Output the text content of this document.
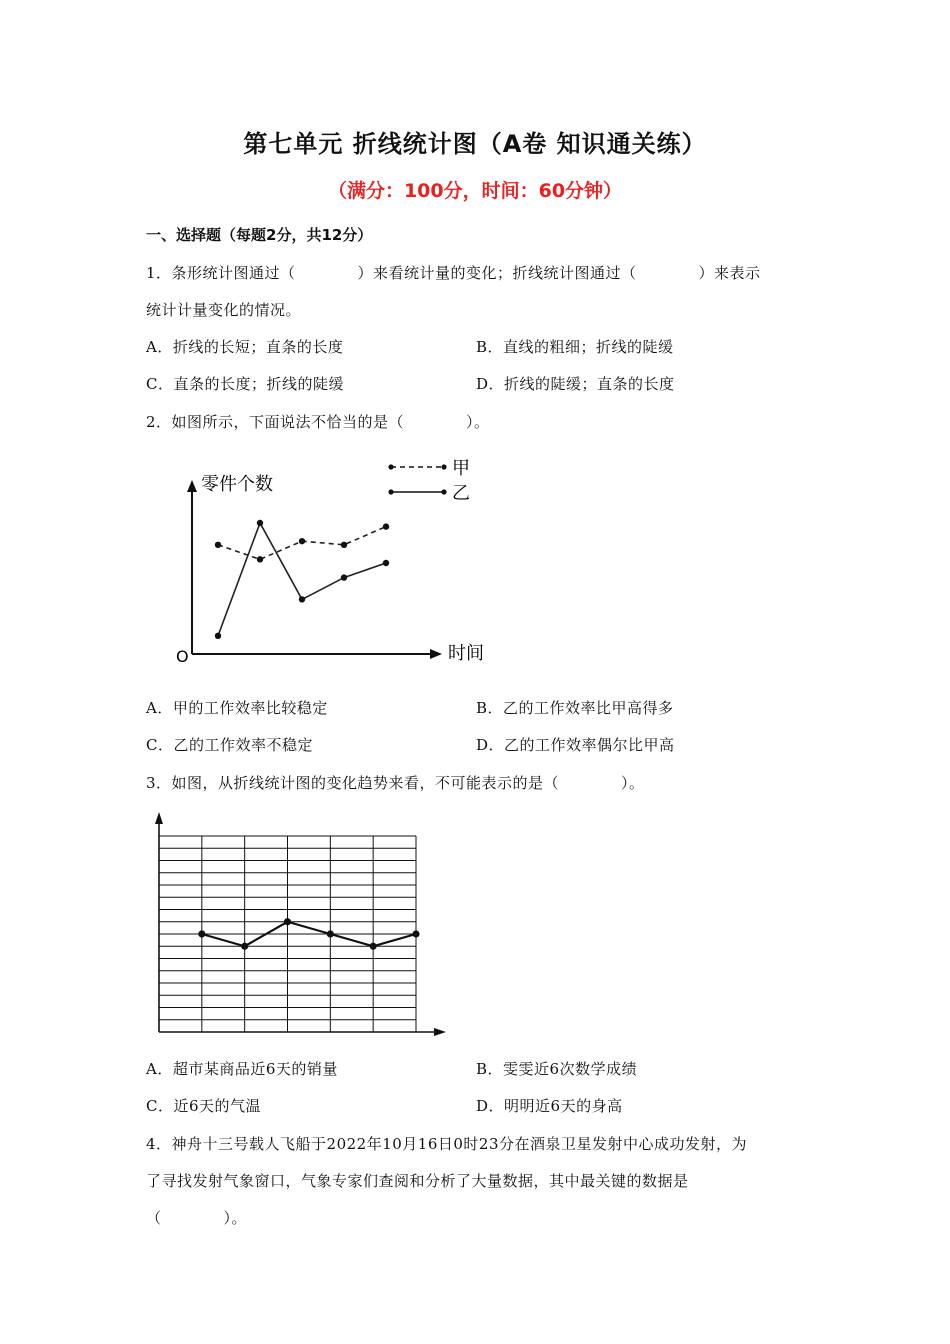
第七单元 折线统计图（A卷 知识通关练）
（满分：100分，时间：60分钟）
一、选择题（每题2分，共12分）
1．条形统计图通过（　　　　）来看统计量的变化；折线统计图通过（　　　　）来表示
统计计量变化的情况。
A．折线的长短；直条的长度	B．直线的粗细；折线的陡缓
C．直条的长度；折线的陡缓	D．折线的陡缓；直条的长度
2．如图所示，下面说法不恰当的是（　　　　）。
甲
乙
零件个数
时间
O
A．甲的工作效率比较稳定	B．乙的工作效率比甲高得多
C．乙的工作效率不稳定	D．乙的工作效率偶尔比甲高
3．如图，从折线统计图的变化趋势来看，不可能表示的是（　　　　）。
A．超市某商品近6天的销量	B．雯雯近6次数学成绩
C．近6天的气温	D．明明近6天的身高
4．神舟十三号载人飞船于2022年10月16日0时23分在酒泉卫星发射中心成功发射，为
了寻找发射气象窗口，气象专家们查阅和分析了大量数据，其中最关键的数据是
（　　　　）。
